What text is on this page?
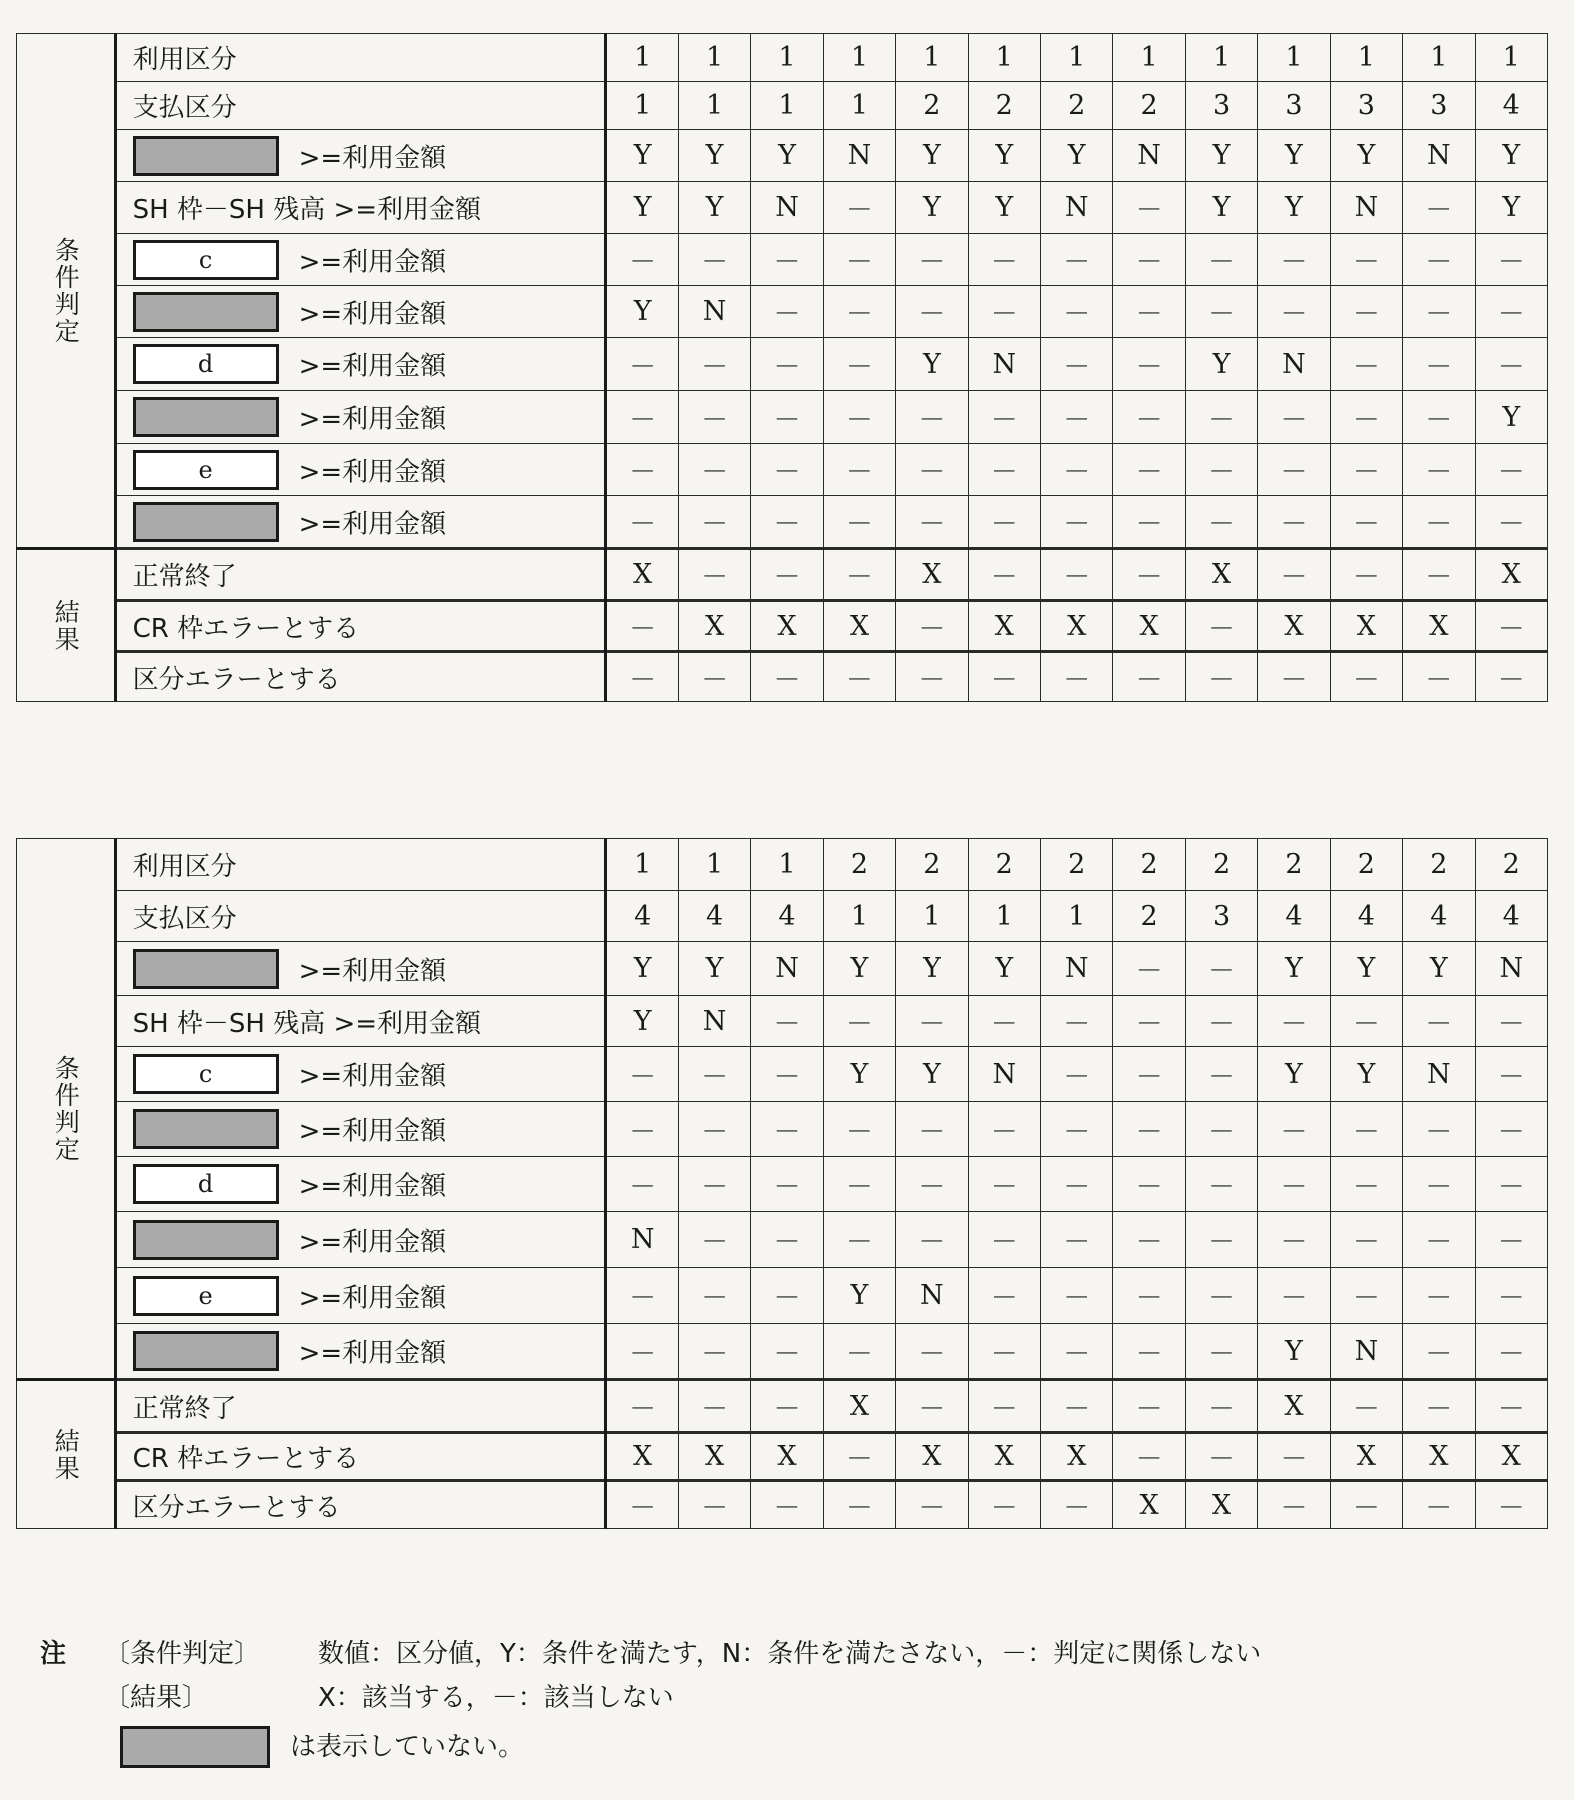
条件判定	利用区分	1	1	1	1	1	1	1	1	1	1	1	1	1
	支払区分	1	1	1	1	2	2	2	2	3	3	3	3	4
	>=利用金額	Y	Y	Y	N	Y	Y	Y	N	Y	Y	Y	N	Y
	SH 枠－SH 残高 >=利用金額	Y	Y	N	－	Y	Y	N	－	Y	Y	N	－	Y
	c >=利用金額	－	－	－	－	－	－	－	－	－	－	－	－	－
	>=利用金額	Y	N	－	－	－	－	－	－	－	－	－	－	－
	d >=利用金額	－	－	－	－	Y	N	－	－	Y	N	－	－	－
	>=利用金額	－	－	－	－	－	－	－	－	－	－	－	－	Y
	e >=利用金額	－	－	－	－	－	－	－	－	－	－	－	－	－
	>=利用金額	－	－	－	－	－	－	－	－	－	－	－	－	－
結果	正常終了	X	－	－	－	X	－	－	－	X	－	－	－	X
	CR 枠エラーとする	－	X	X	X	－	X	X	X	－	X	X	X	－
	区分エラーとする	－	－	－	－	－	－	－	－	－	－	－	－	－
条件判定	利用区分	1	1	1	2	2	2	2	2	2	2	2	2	2
	支払区分	4	4	4	1	1	1	1	2	3	4	4	4	4
	>=利用金額	Y	Y	N	Y	Y	Y	N	－	－	Y	Y	Y	N
	SH 枠－SH 残高 >=利用金額	Y	N	－	－	－	－	－	－	－	－	－	－	－
	c >=利用金額	－	－	－	Y	Y	N	－	－	－	Y	Y	N	－
	>=利用金額	－	－	－	－	－	－	－	－	－	－	－	－	－
	d >=利用金額	－	－	－	－	－	－	－	－	－	－	－	－	－
	>=利用金額	N	－	－	－	－	－	－	－	－	－	－	－	－
	e >=利用金額	－	－	－	Y	N	－	－	－	－	－	－	－	－
	>=利用金額	－	－	－	－	－	－	－	－	－	Y	N	－	－
結果	正常終了	－	－	－	X	－	－	－	－	－	X	－	－	－
	CR 枠エラーとする	X	X	X	－	X	X	X	－	－	－	X	X	X
	区分エラーとする	－	－	－	－	－	－	－	X	X	－	－	－	－
注 〔条件判定〕 数値：区分値，Y：条件を満たす，N：条件を満たさない，－：判定に関係しない
〔結果〕	X：該当する，－：該当しない
は表示していない。
